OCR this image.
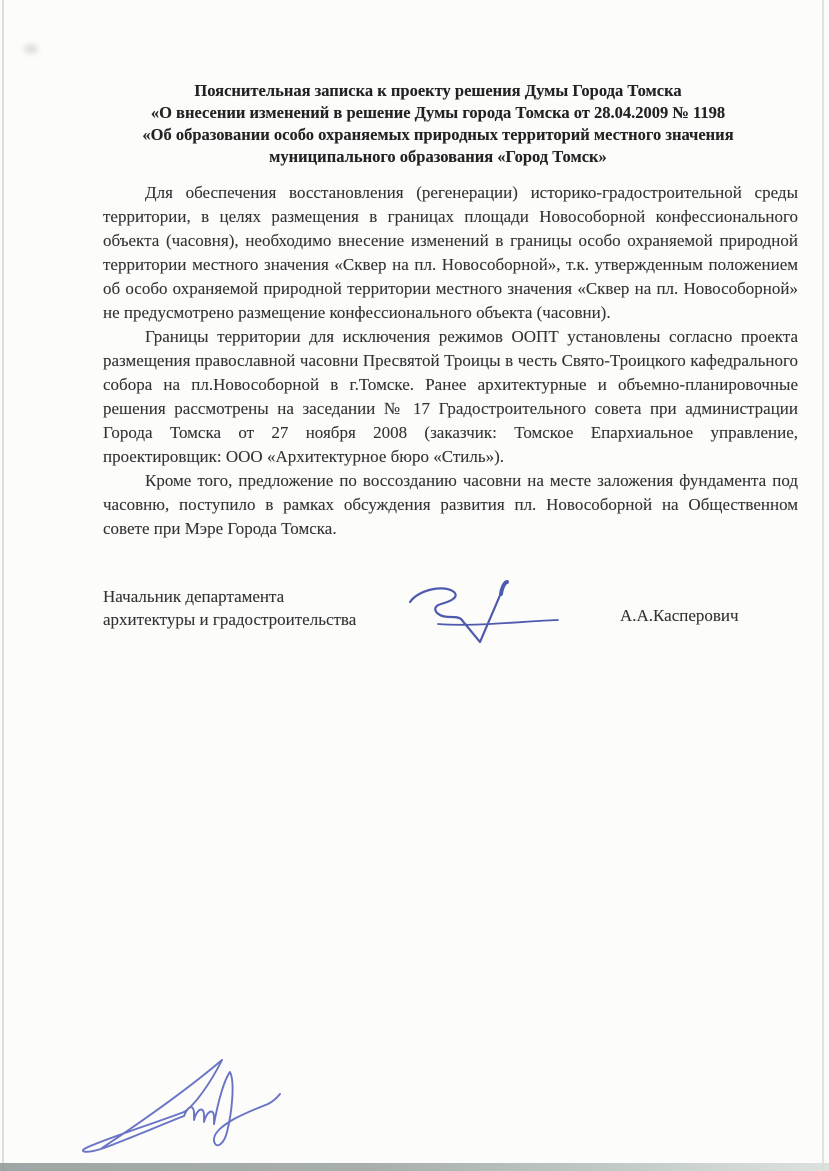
Пояснительная записка к проекту решения Думы Города Томска
«О внесении изменений в решение Думы города Томска от 28.04.2009 № 1198
«Об образовании особо охраняемых природных территорий местного значения
муниципального образования «Город Томск»

Для обеспечения восстановления (регенерации) историко-градостроительной среды территории, в целях размещения в границах площади Новособорной конфессионального объекта (часовня), необходимо внесение изменений в границы особо охраняемой природной территории местного значения «Сквер на пл. Новособорной», т.к. утвержденным положением об особо охраняемой природной территории местного значения «Сквер на пл. Новособорной» не предусмотрено размещение конфессионального объекта (часовни).

Границы территории для исключения режимов ООПТ установлены согласно проекта размещения православной часовни Пресвятой Троицы в честь Свято-Троицкого кафедрального собора на пл.Новособорной в г.Томске. Ранее архитектурные и объемно-планировочные решения рассмотрены на заседании № 17 Градостроительного совета при администрации Города Томска от 27 ноября 2008 (заказчик: Томское Епархиальное управление, проектировщик: ООО «Архитектурное бюро «Стиль»).

Кроме того, предложение по воссозданию часовни на месте заложения фундамента под часовню, поступило в рамках обсуждения развития пл. Новособорной на Общественном совете при Мэре Города Томска.

Начальник департамента
архитектуры и градостроительства	А.А.Касперович
